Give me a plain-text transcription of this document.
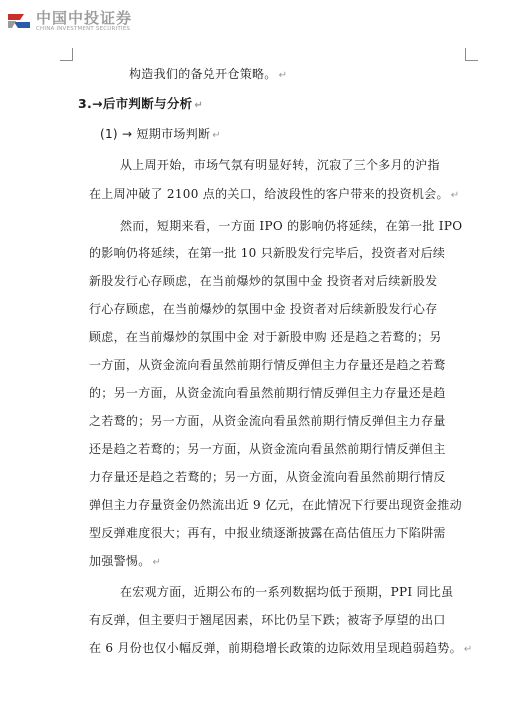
中国中投证券
CHINA INVESTMENT SECURITIES
构造我们的备兑开仓策略。 ↵
3.→后市判断与分析 ↵
(1) → 短期市场判断 ↵
从上周开始，市场气氛有明显好转，沉寂了三个多月的沪指
在上周冲破了 2100 点的关口，给波段性的客户带来的投资机会。 ↵
然而，短期来看，一方面 IPO 的影响仍将延续，在第一批 IPO
的影响仍将延续，在第一批 10 只新股发行完毕后，投资者对后续
新股发行心存顾虑，在当前爆炒的氛围中金 投资者对后续新股发
行心存顾虑，在当前爆炒的氛围中金 投资者对后续新股发行心存
顾虑，在当前爆炒的氛围中金 对于新股申购 还是趋之若鹜的；另
一方面，从资金流向看虽然前期行情反弹但主力存量还是趋之若鹜
的；另一方面，从资金流向看虽然前期行情反弹但主力存量还是趋
之若鹜的；另一方面，从资金流向看虽然前期行情反弹但主力存量
还是趋之若鹜的；另一方面，从资金流向看虽然前期行情反弹但主
力存量还是趋之若鹜的；另一方面，从资金流向看虽然前期行情反
弹但主力存量资金仍然流出近 9 亿元，在此情况下行要出现资金推动
型反弹难度很大；再有，中报业绩逐渐披露在高估值压力下陷阱需
加强警惕。 ↵
在宏观方面，近期公布的一系列数据均低于预期，PPI 同比虽
有反弹，但主要归于翘尾因素，环比仍呈下跌；被寄予厚望的出口
在 6 月份也仅小幅反弹，前期稳增长政策的边际效用呈现趋弱趋势。 ↵
